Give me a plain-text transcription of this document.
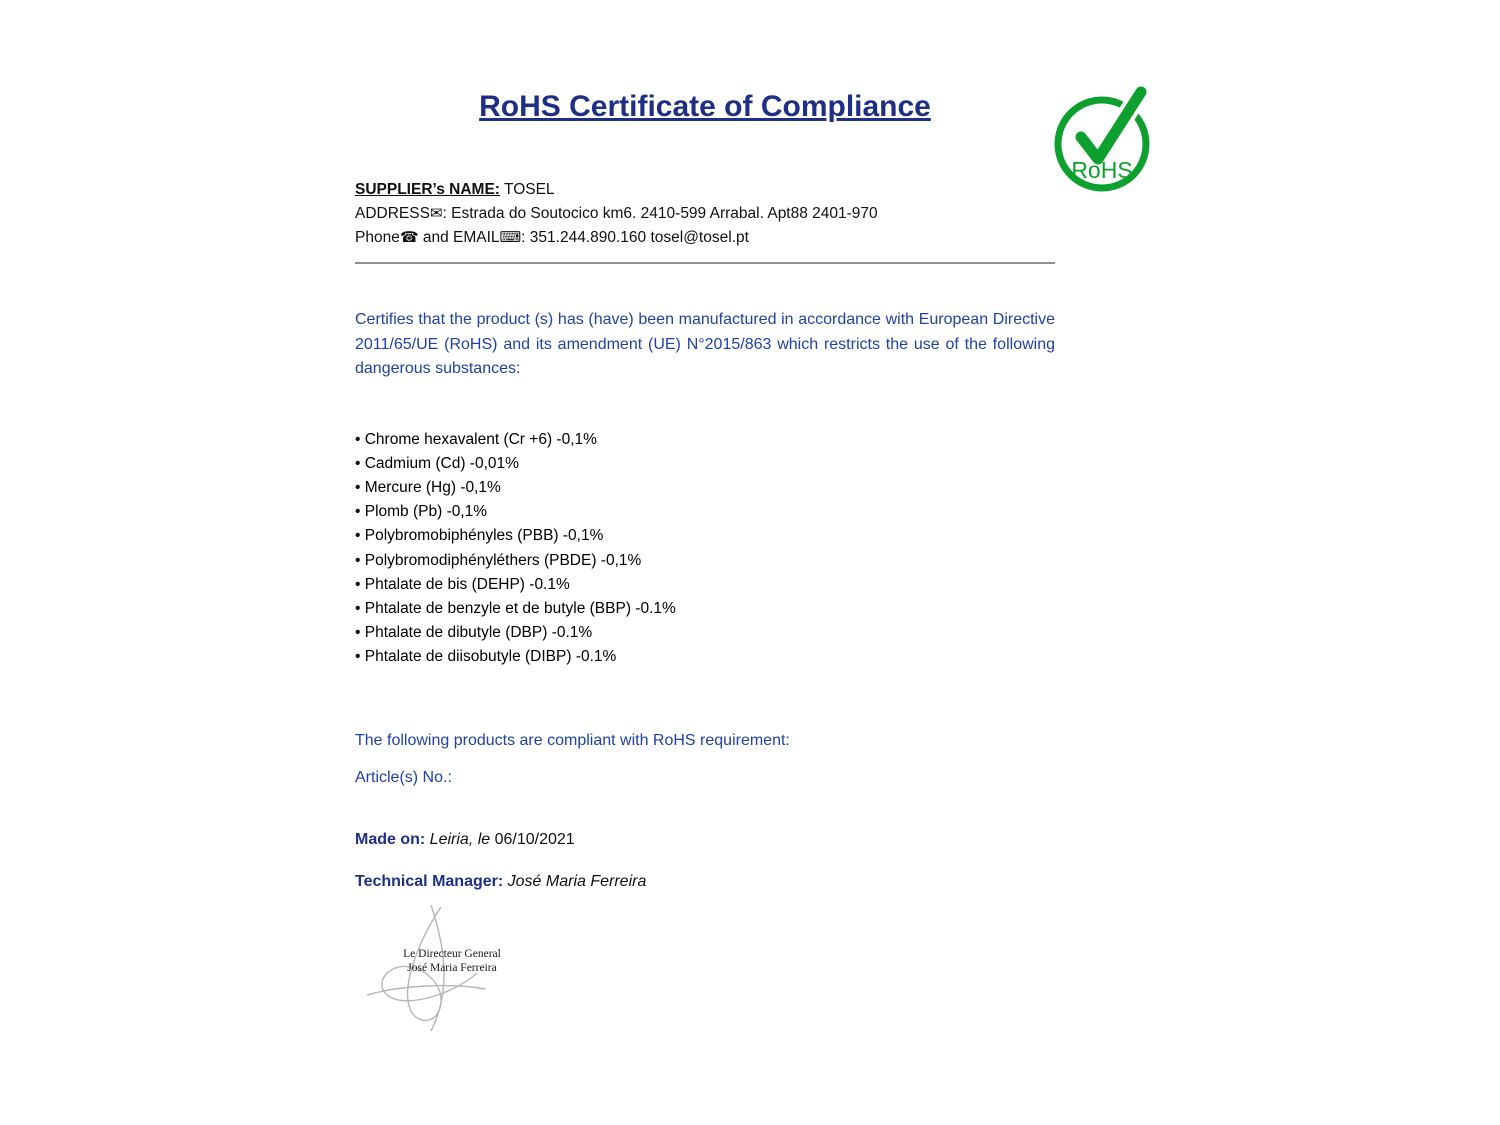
RoHS
RoHS Certificate of Compliance
SUPPLIER’s NAME: TOSEL
ADDRESS✉: Estrada do Soutocico km6. 2410-599 Arrabal. Apt88 2401-970
Phone☎ and EMAIL⌨: 351.244.890.160 tosel@tosel.pt

Certifies that the product (s) has (have) been manufactured in accordance with European Directive 2011/65/UE (RoHS) and its amendment (UE) N°2015/863 which restricts the use of the following dangerous substances:

• Chrome hexavalent (Cr +6) -0,1%
• Cadmium (Cd) -0,01%
• Mercure (Hg) -0,1%
• Plomb (Pb) -0,1%
• Polybromobiphényles (PBB) -0,1%
• Polybromodiphényléthers (PBDE) -0,1%
• Phtalate de bis (DEHP) -0.1%
• Phtalate de benzyle et de butyle (BBP) -0.1%
• Phtalate de dibutyle (DBP) -0.1%
• Phtalate de diisobutyle (DIBP) -0.1%

The following products are compliant with RoHS requirement:

Article(s) No.:

Made on: Leiria, le 06/10/2021

Technical Manager: José Maria Ferreira

Le Directeur General
José Maria Ferreira
